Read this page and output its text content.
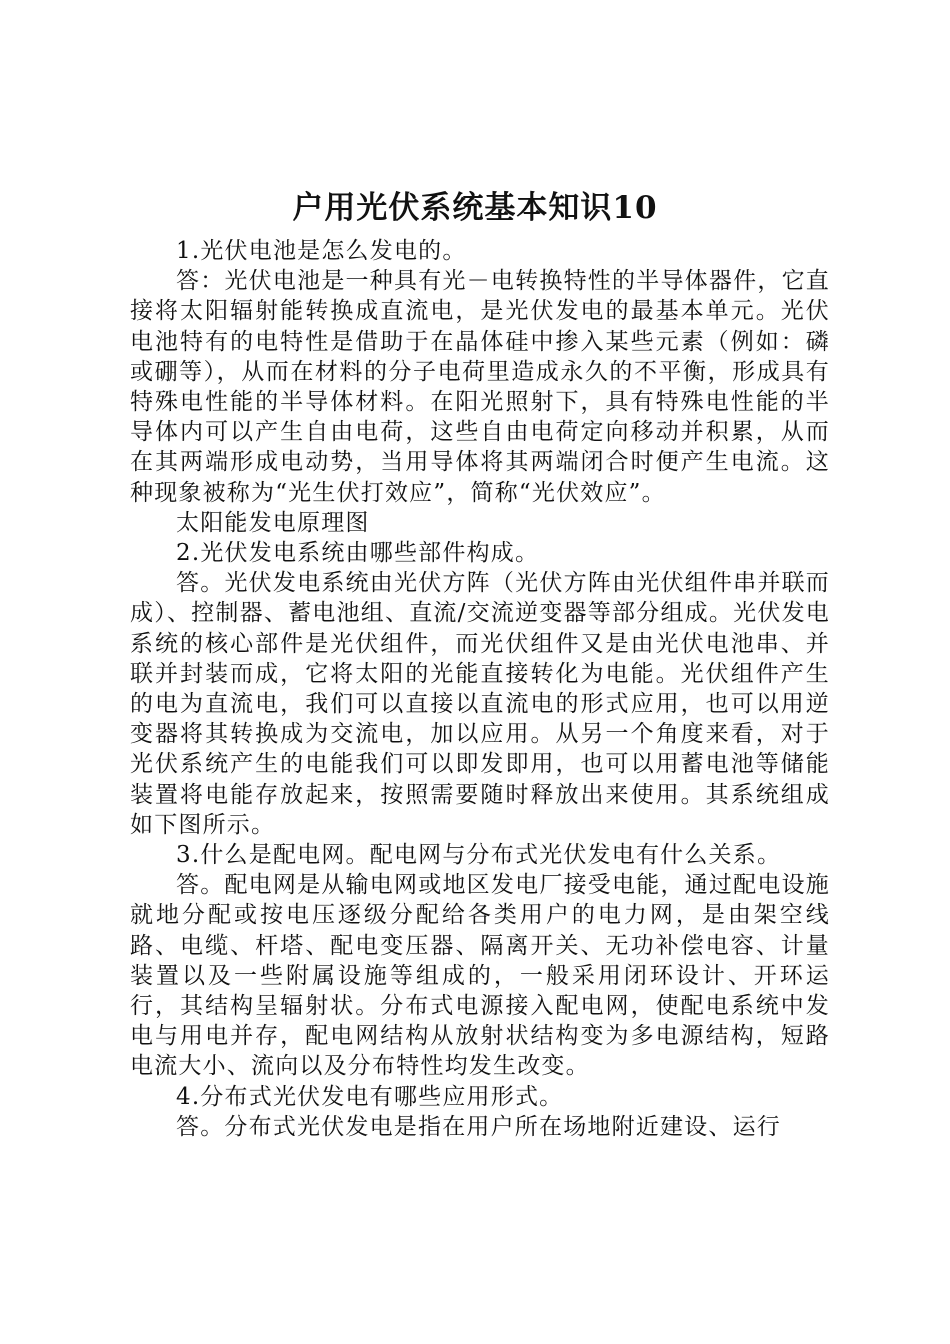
户用光伏系统基本知识10

1.光伏电池是怎么发电的。

答：光伏电池是一种具有光－电转换特性的半导体器件，它直接将太阳辐射能转换成直流电，是光伏发电的最基本单元。光伏电池特有的电特性是借助于在晶体硅中掺入某些元素（例如：磷或硼等），从而在材料的分子电荷里造成永久的不平衡，形成具有特殊电性能的半导体材料。在阳光照射下，具有特殊电性能的半导体内可以产生自由电荷，这些自由电荷定向移动并积累，从而在其两端形成电动势，当用导体将其两端闭合时便产生电流。这种现象被称为“光生伏打效应”，简称“光伏效应”。

太阳能发电原理图

2.光伏发电系统由哪些部件构成。

答。光伏发电系统由光伏方阵（光伏方阵由光伏组件串并联而成）、控制器、蓄电池组、直流/交流逆变器等部分组成。光伏发电系统的核心部件是光伏组件，而光伏组件又是由光伏电池串、并联并封装而成，它将太阳的光能直接转化为电能。光伏组件产生的电为直流电，我们可以直接以直流电的形式应用，也可以用逆变器将其转换成为交流电，加以应用。从另一个角度来看，对于光伏系统产生的电能我们可以即发即用，也可以用蓄电池等储能装置将电能存放起来，按照需要随时释放出来使用。其系统组成如下图所示。

3.什么是配电网。配电网与分布式光伏发电有什么关系。

答。配电网是从输电网或地区发电厂接受电能，通过配电设施就地分配或按电压逐级分配给各类用户的电力网，是由架空线路、电缆、杆塔、配电变压器、隔离开关、无功补偿电容、计量装置以及一些附属设施等组成的，一般采用闭环设计、开环运行，其结构呈辐射状。分布式电源接入配电网，使配电系统中发电与用电并存，配电网结构从放射状结构变为多电源结构，短路电流大小、流向以及分布特性均发生改变。

4.分布式光伏发电有哪些应用形式。

答。分布式光伏发电是指在用户所在场地附近建设、运行
